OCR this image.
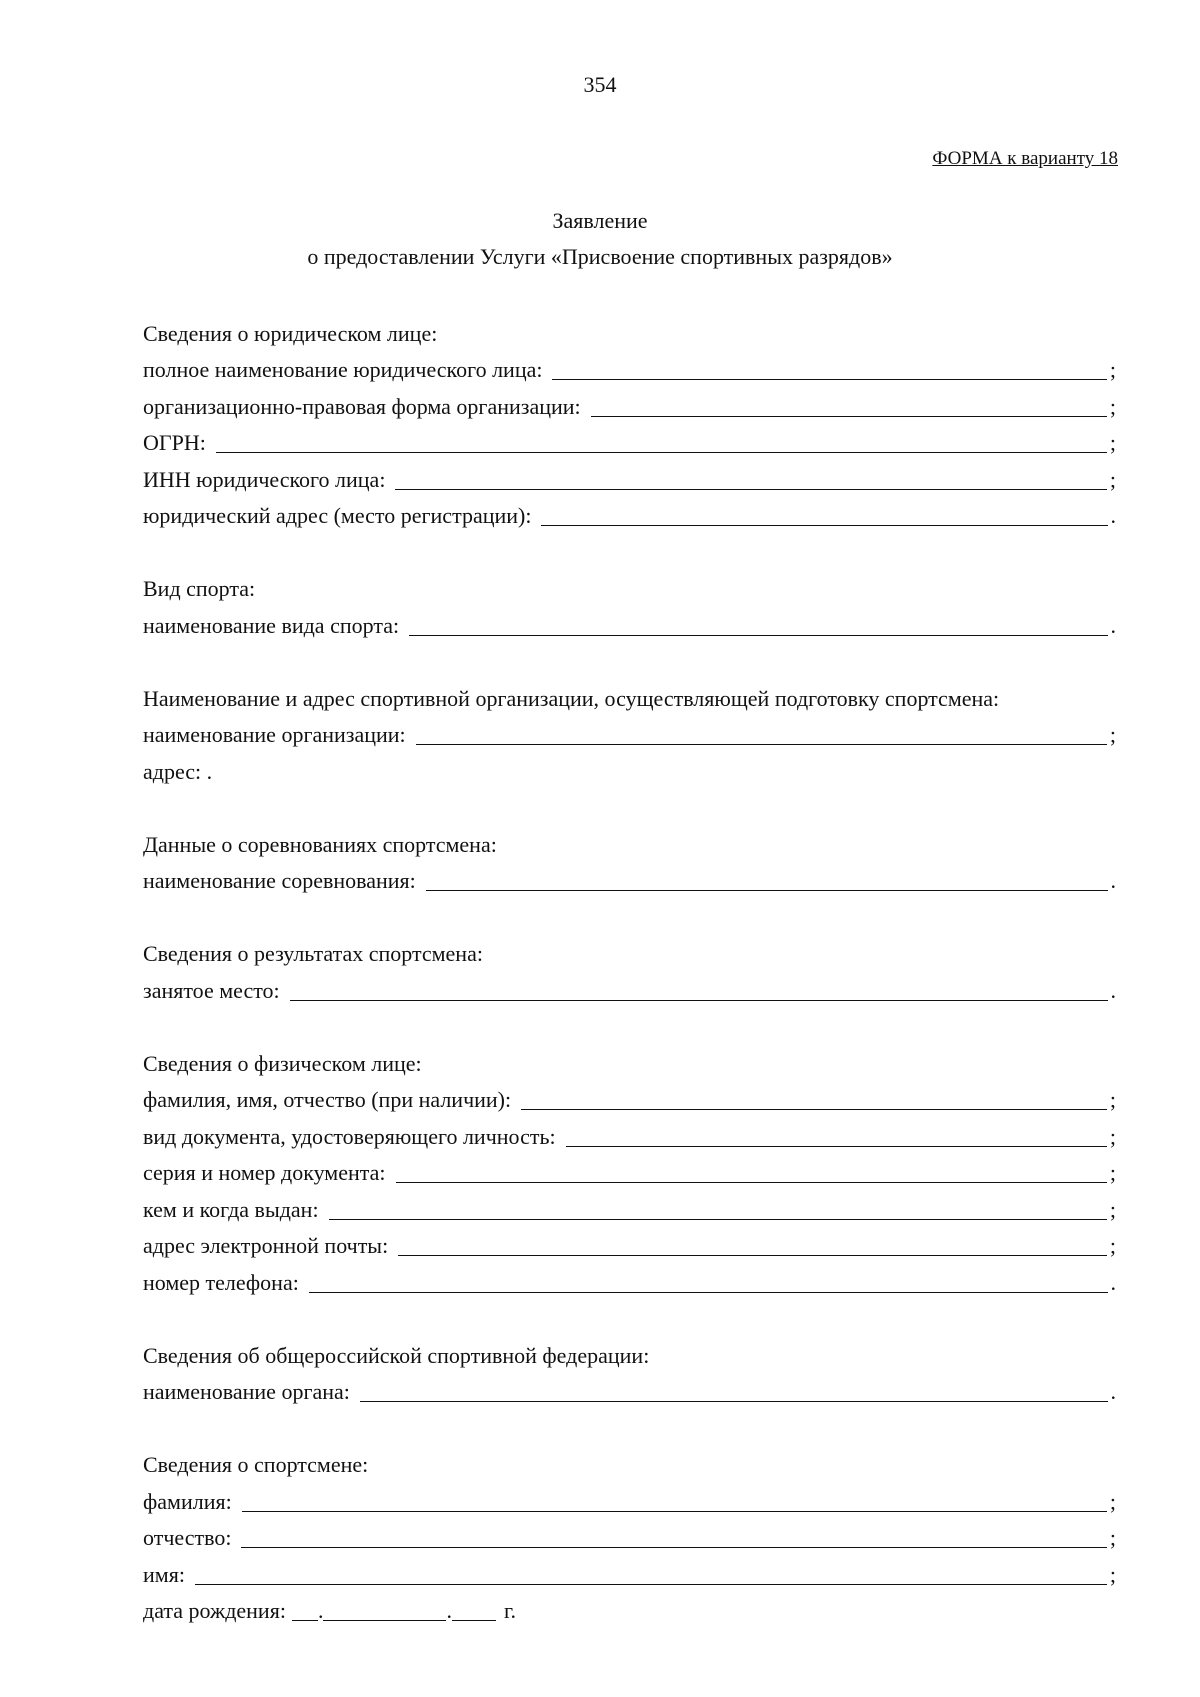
354
ФОРМА к варианту 18
Заявление
о предоставлении Услуги «Присвоение спортивных разрядов»
Сведения о юридическом лице:
полное наименование юридического лица:	;
организационно-правовая форма организации:	;
ОГРН:	;
ИНН юридического лица:	;
юридический адрес (место регистрации):	.
Вид спорта:
наименование вида спорта:	.
Наименование и адрес спортивной организации, осуществляющей подготовку спортсмена:
наименование организации:	;
адрес: .
Данные о соревнованиях спортсмена:
наименование соревнования:	.
Сведения о результатах спортсмена:
занятое место:	.
Сведения о физическом лице:
фамилия, имя, отчество (при наличии):	;
вид документа, удостоверяющего личность:	;
серия и номер документа:	;
кем и когда выдан:	;
адрес электронной почты:	;
номер телефона:	.
Сведения об общероссийской спортивной федерации:
наименование органа:	.
Сведения о спортсмене:
фамилия:	;
отчество:	;
имя:	;
дата рождения: .	. г.
